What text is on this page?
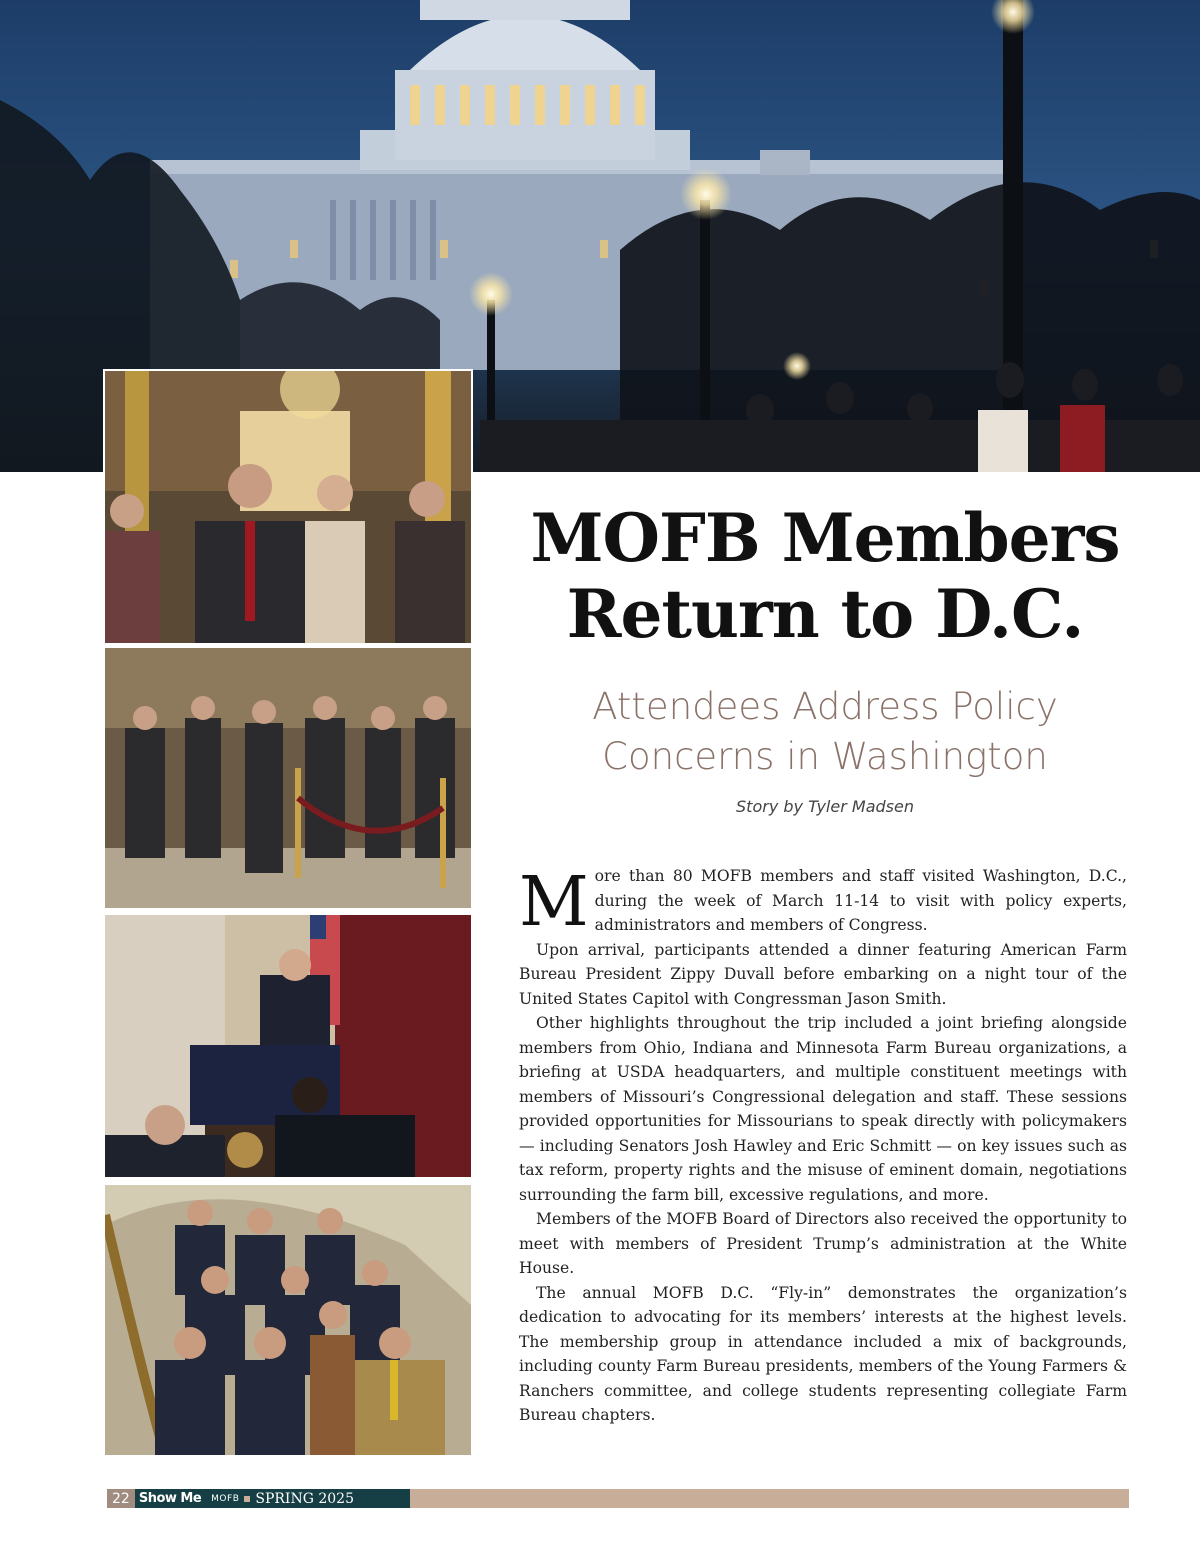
MOFB Members
Return to D.C.
Attendees Address Policy
Concerns in Washington
Story by Tyler Madsen

More than 80 MOFB members and staff visited Washington, D.C., during the week of March 11-14 to visit with policy experts, administrators and members of Congress.

Upon arrival, participants attended a dinner featuring American Farm Bureau President Zippy Duvall before embarking on a night tour of the United States Capitol with Congressman Jason Smith.

Other highlights throughout the trip included a joint briefing alongside members from Ohio, Indiana and Minnesota Farm Bureau organizations, a briefing at USDA headquarters, and multiple constituent meetings with members of Missouri’s Congressional delegation and staff. These sessions provided opportunities for Missourians to speak directly with policymakers — including Senators Josh Hawley and Eric Schmitt — on key issues such as tax reform, property rights and the misuse of eminent domain, negotiations surrounding the farm bill, excessive regulations, and more.

Members of the MOFB Board of Directors also received the opportunity to meet with members of President Trump’s administration at the White House.

The annual MOFB D.C. “Fly-in” demonstrates the organization’s dedication to advocating for its members’ interests at the highest levels. The membership group in attendance included a mix of backgrounds, including county Farm Bureau presidents, members of the Young Farmers & Ranchers committee, and college students representing collegiate Farm Bureau chapters.

22 Show Me MOFB SPRING 2025
